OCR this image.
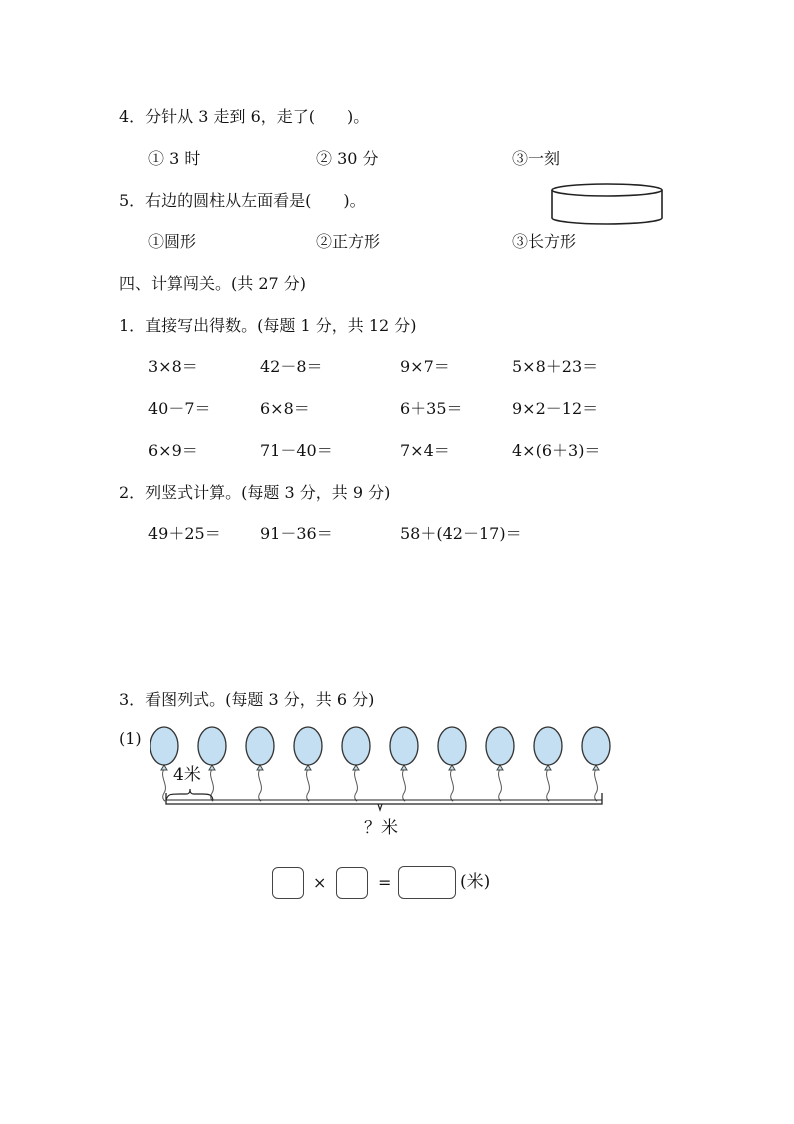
4．分针从 3 走到 6，走了(　　)。
① 3 时	② 30 分	③一刻
5．右边的圆柱从左面看是(　　)。
①圆形	②正方形	③长方形
四、计算闯关。(共 27 分)
1．直接写出得数。(每题 1 分，共 12 分)
3×8＝	42－8＝	9×7＝	5×8＋23＝
40－7＝	6×8＝	6＋35＝	9×2－12＝
6×9＝	71－40＝	7×4＝	4×(6＋3)＝
2．列竖式计算。(每题 3 分，共 9 分)
49＋25＝ 91－36＝	58＋(42－17)＝
3．看图列式。(每题 3 分，共 6 分)
(1)
4米
？米
×	=	(米)
